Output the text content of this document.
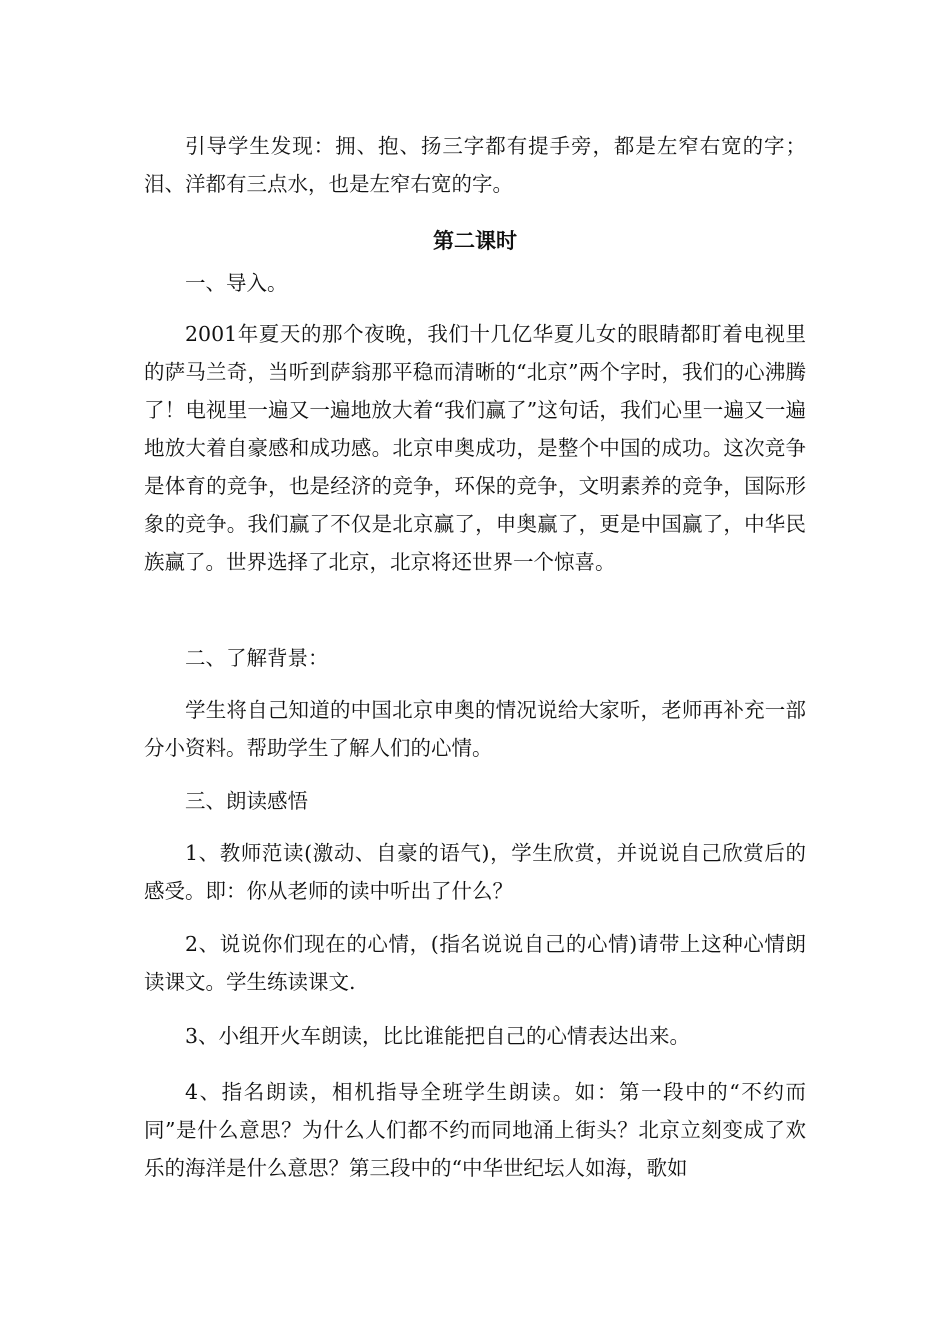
引导学生发现：拥、抱、扬三字都有提手旁，都是左窄右宽的字；泪、洋都有三点水，也是左窄右宽的字。

第二课时

一、导入。

2001年夏天的那个夜晚，我们十几亿华夏儿女的眼睛都盯着电视里的萨马兰奇，当听到萨翁那平稳而清晰的“北京”两个字时，我们的心沸腾了！电视里一遍又一遍地放大着“我们赢了”这句话，我们心里一遍又一遍地放大着自豪感和成功感。北京申奥成功，是整个中国的成功。这次竞争是体育的竞争，也是经济的竞争，环保的竞争，文明素养的竞争，国际形象的竞争。我们赢了不仅是北京赢了，申奥赢了，更是中国赢了，中华民族赢了。世界选择了北京，北京将还世界一个惊喜。

二、了解背景：

学生将自己知道的中国北京申奥的情况说给大家听，老师再补充一部分小资料。帮助学生了解人们的心情。

三、朗读感悟

1、教师范读(激动、自豪的语气)，学生欣赏，并说说自己欣赏后的感受。即：你从老师的读中听出了什么？

2、说说你们现在的心情，(指名说说自己的心情)请带上这种心情朗读课文。学生练读课文.

3、小组开火车朗读，比比谁能把自己的心情表达出来。

4、指名朗读，相机指导全班学生朗读。如：第一段中的“不约而同”是什么意思？为什么人们都不约而同地涌上街头？北京立刻变成了欢乐的海洋是什么意思？第三段中的“中华世纪坛人如海，歌如
